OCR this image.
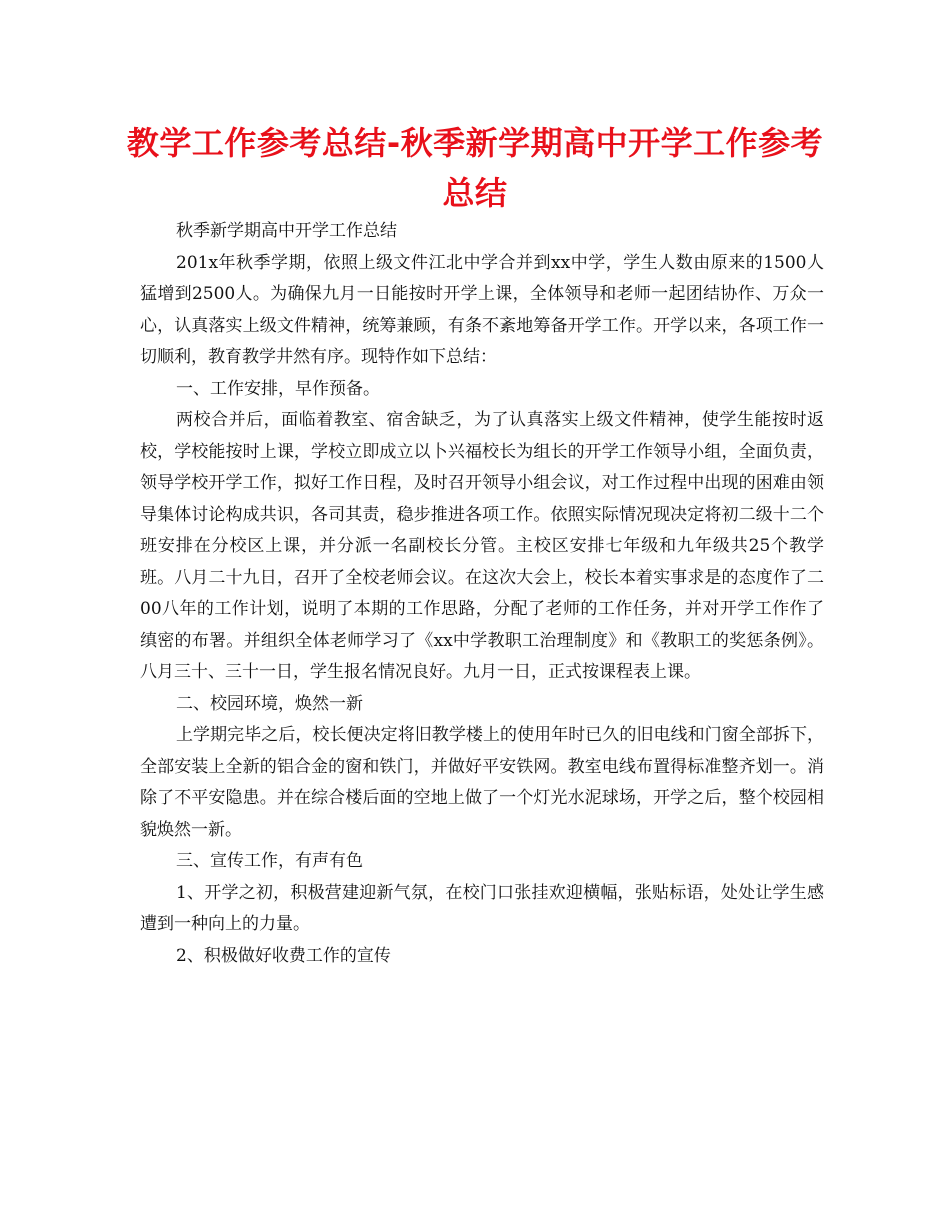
教学工作参考总结-秋季新学期高中开学工作参考总结

秋季新学期高中开学工作总结

201x年秋季学期，依照上级文件江北中学合并到xx中学，学生人数由原来的1500人猛增到2500人。为确保九月一日能按时开学上课，全体领导和老师一起团结协作、万众一心，认真落实上级文件精神，统筹兼顾，有条不紊地筹备开学工作。开学以来，各项工作一切顺利，教育教学井然有序。现特作如下总结：

一、工作安排，早作预备。

两校合并后，面临着教室、宿舍缺乏，为了认真落实上级文件精神，使学生能按时返校，学校能按时上课，学校立即成立以卜兴福校长为组长的开学工作领导小组，全面负责，领导学校开学工作，拟好工作日程，及时召开领导小组会议，对工作过程中出现的困难由领导集体讨论构成共识，各司其责，稳步推进各项工作。依照实际情况现决定将初二级十二个班安排在分校区上课，并分派一名副校长分管。主校区安排七年级和九年级共25个教学班。八月二十九日，召开了全校老师会议。在这次大会上，校长本着实事求是的态度作了二00八年的工作计划，说明了本期的工作思路，分配了老师的工作任务，并对开学工作作了缜密的布署。并组织全体老师学习了《xx中学教职工治理制度》和《教职工的奖惩条例》。八月三十、三十一日，学生报名情况良好。九月一日，正式按课程表上课。

二、校园环境，焕然一新

上学期完毕之后，校长便决定将旧教学楼上的使用年时已久的旧电线和门窗全部拆下，全部安装上全新的铝合金的窗和铁门，并做好平安铁网。教室电线布置得标准整齐划一。消除了不平安隐患。并在综合楼后面的空地上做了一个灯光水泥球场，开学之后，整个校园相貌焕然一新。

三、宣传工作，有声有色

1、开学之初，积极营建迎新气氛，在校门口张挂欢迎横幅，张贴标语，处处让学生感遭到一种向上的力量。

2、积极做好收费工作的宣传
